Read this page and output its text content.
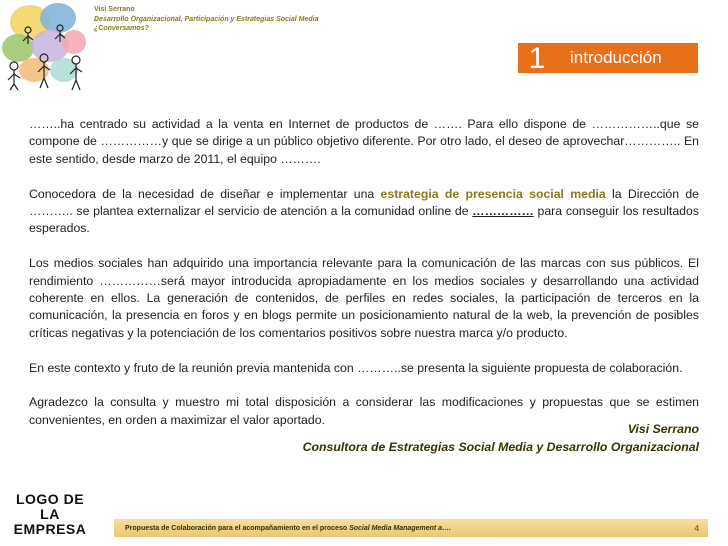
Visi Serrano
Desarrollo Organizacional, Participación y Estrategias Social Media
¿Conversamos?
1	introducción

……..ha centrado su actividad a la venta en Internet de productos de ……. Para ello dispone de ……………..que se compone de ……………y que se dirige a un público objetivo diferente. Por otro lado, el deseo de aprovechar………….. En este sentido, desde marzo de 2011, el equipo ……….

Conocedora de la necesidad de diseñar e implementar una estrategia de presencia social media la Dirección de ……….. se plantea externalizar el servicio de atención a la comunidad online de …………… para conseguir los resultados esperados.

Los medios sociales han adquirido una importancia relevante para la comunicación de las marcas con sus públicos. El rendimiento ……………será mayor introducida apropiadamente en los medios sociales y desarrollando una actividad coherente en ellos. La generación de contenidos, de perfiles en redes sociales, la participación de terceros en la comunicación, la presencia en foros y en blogs permite un posicionamiento natural de la web, la prevención de posibles críticas negativas y la potenciación de los comentarios positivos sobre nuestra marca y/o producto.

En este contexto y fruto de la reunión previa mantenida con ………..se presenta la siguiente propuesta de colaboración.

Agradezco la consulta y muestro mi total disposición a considerar las modificaciones y propuestas que se estimen convenientes, en orden a maximizar el valor aportado.

Visi Serrano
Consultora de Estrategias Social Media y Desarrollo Organizacional
LOGO DE LA EMPRESA	Propuesta de Colaboración para el acompañamiento en el proceso Social Media Management a….	4
